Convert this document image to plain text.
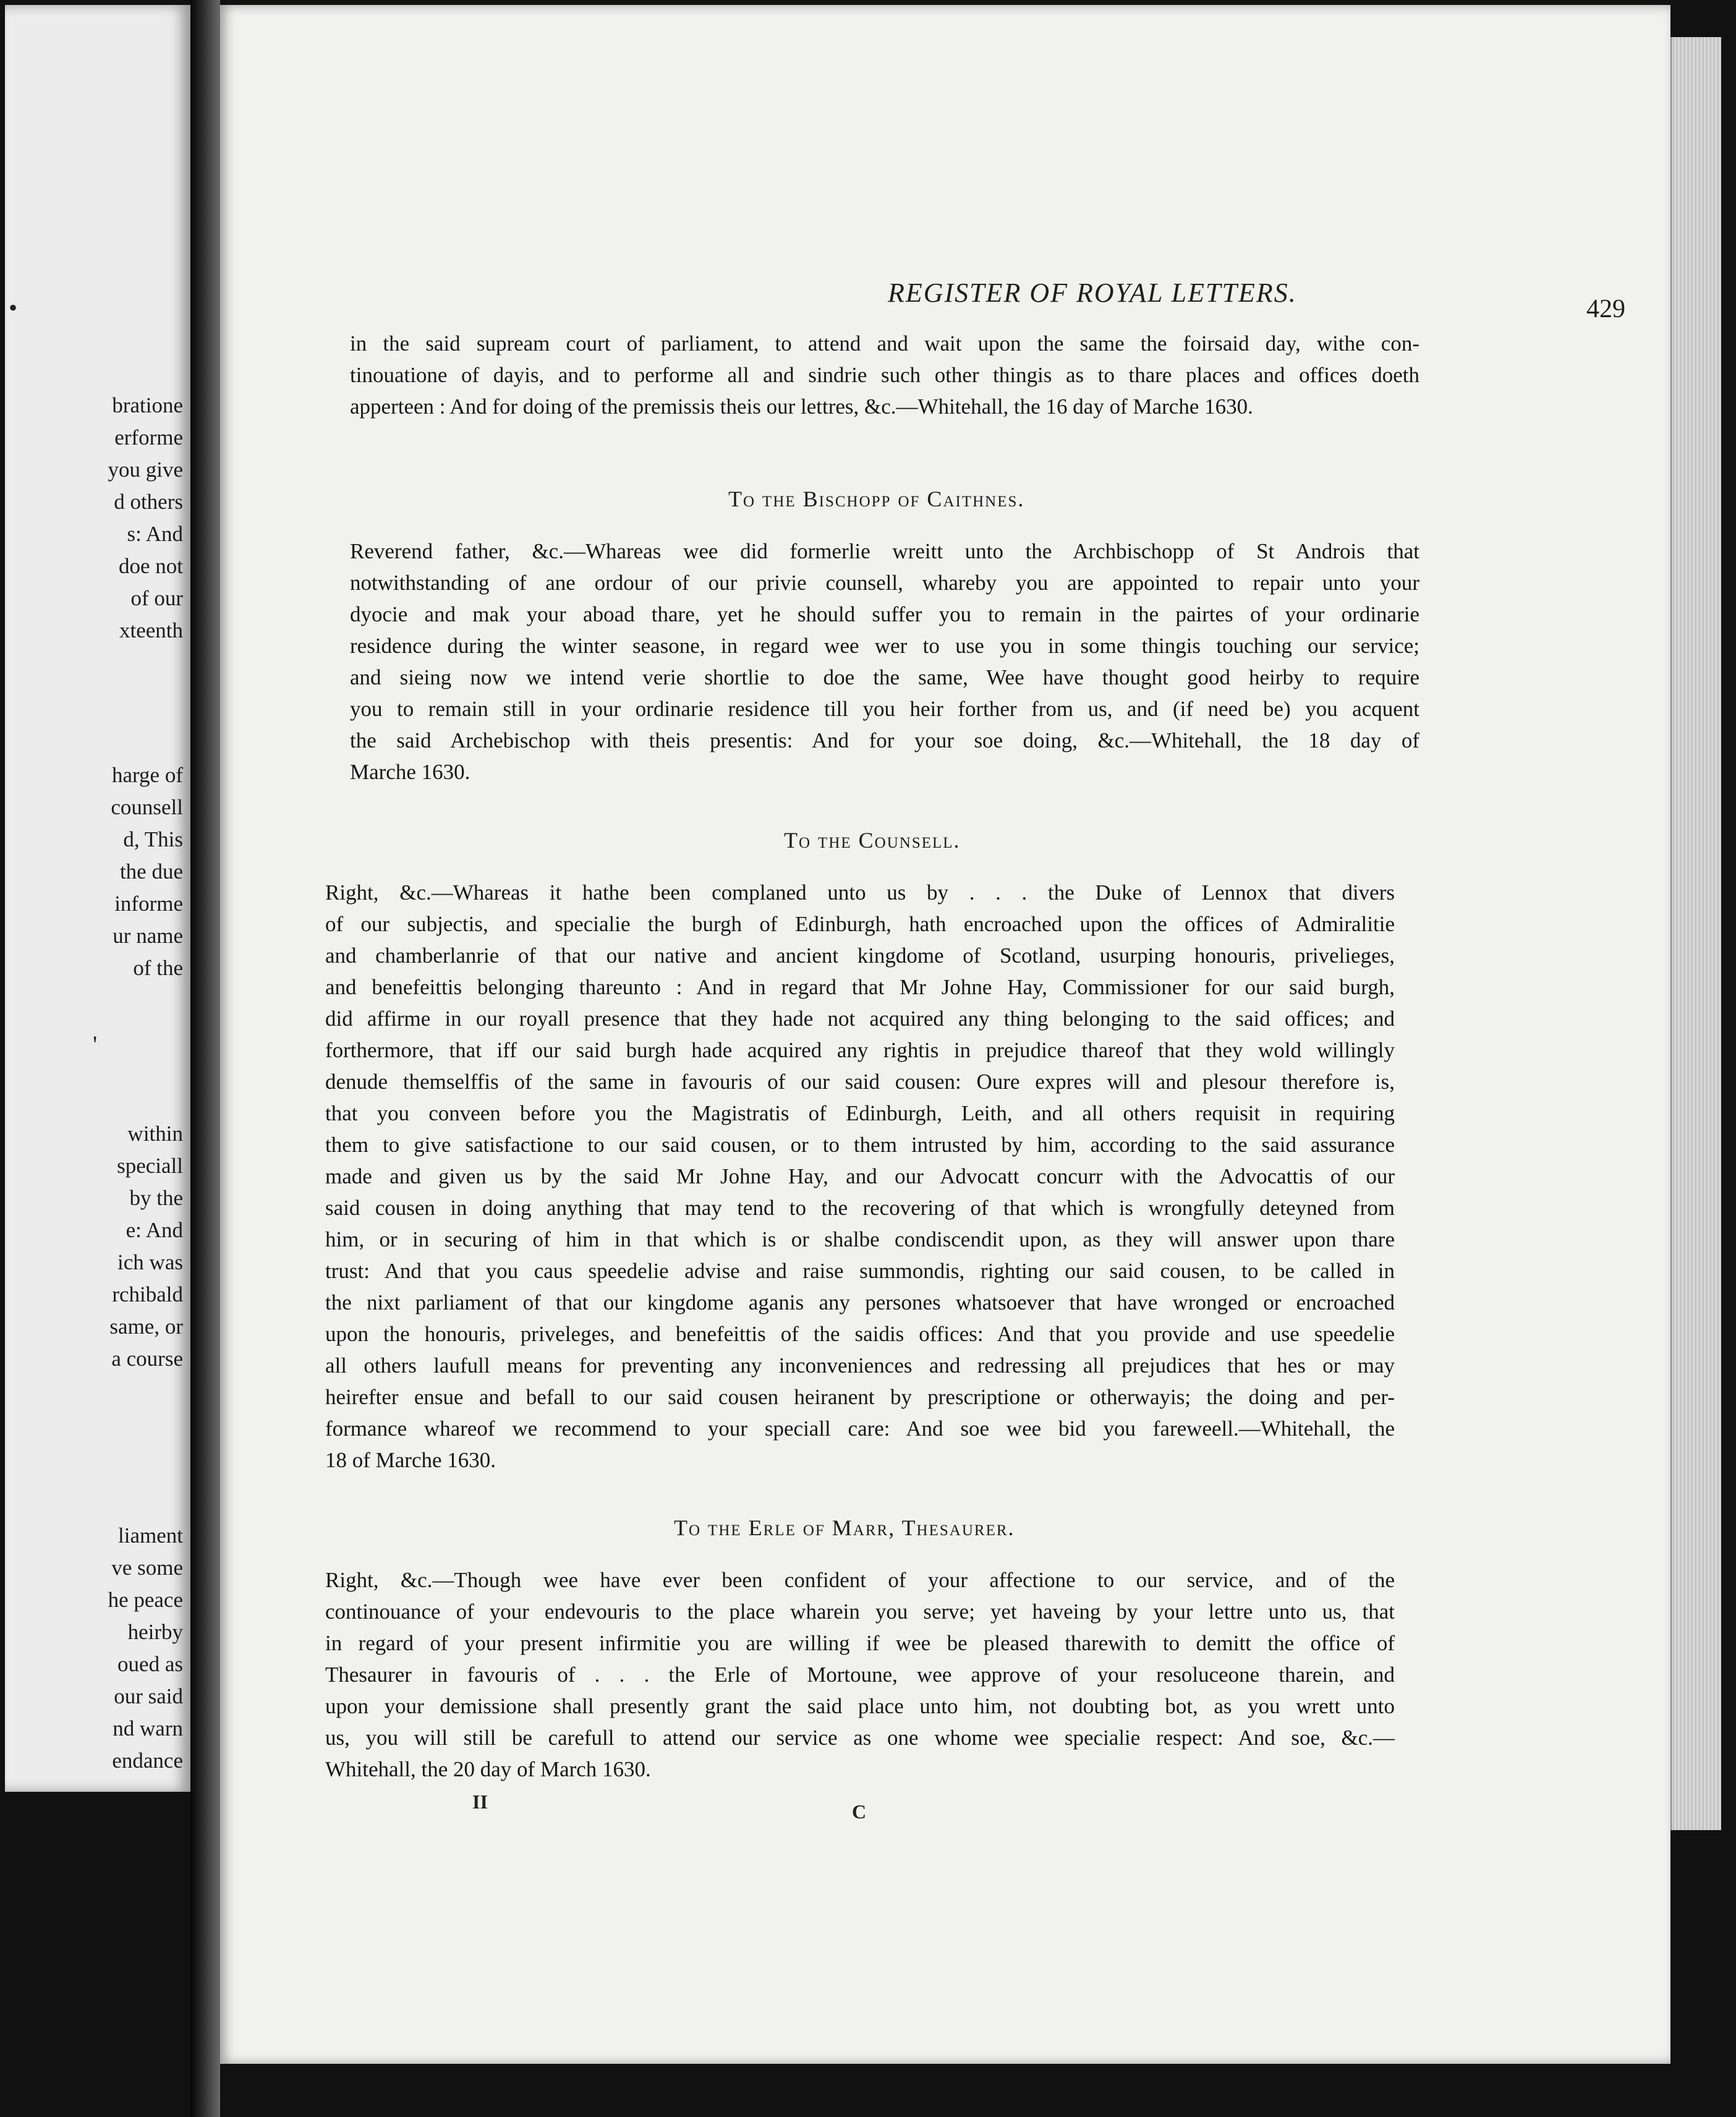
•
brationе
erforme
you give
d others
s: And
doe not
of our
xteenth
harge of
counsell
d, This
the due
informe
ur name
of the
'
within
speciall
by the
e: And
ich was
rchibald
same, or
a course
liament
ve some
he peace
heirby
oued as
our said
nd warn
endance
REGISTER OF ROYAL LETTERS.
429
in the said supream court of parliament, to attend and wait upon the same the foirsaid day, withe con-
tinouatione of dayis, and to performe all and sindrie such other thingis as to thare places and offices doeth
apperteen : And for doing of the premissis theis our lettres, &c.—Whitehall, the 16 day of Marche 1630.
To the Bischopp of Caithnes.
Reverend father, &c.—Whareas wee did formerlie wreitt unto the Archbischopp of St Androis that
notwithstanding of ane ordour of our privie counsell, whareby you are appointed to repair unto your
dyocie and mak your aboad thare, yet he should suffer you to remain in the pairtes of your ordinarie
residence during the winter seasone, in regard wee wer to use you in some thingis touching our service;
and sieing now we intend verie shortlie to doe the same, Wee have thought good heirby to require
you to remain still in your ordinarie residence till you heir forther from us, and (if need be) you acquent
the said Archebischop with theis presentis: And for your soe doing, &c.—Whitehall, the 18 day of
Marche 1630.
To the Counsell.
Right, &c.—Whareas it hathe been complaned unto us by . . . the Duke of Lennox that divers
of our subjectis, and specialie the burgh of Edinburgh, hath encroached upon the offices of Admiralitie
and chamberlanrie of that our native and ancient kingdome of Scotland, usurping honouris, privelieges,
and benefeittis belonging thareunto : And in regard that Mr Johne Hay, Commissioner for our said burgh,
did affirme in our royall presence that they hade not acquired any thing belonging to the said offices; and
forthermore, that iff our said burgh hade acquired any rightis in prejudice thareof that they wold willingly
denude themselffis of the same in favouris of our said cousen: Oure expres will and plesour therefore is,
that you conveen before you the Magistratis of Edinburgh, Leith, and all others requisit in requiring
them to give satisfactione to our said cousen, or to them intrusted by him, according to the said assurance
made and given us by the said Mr Johne Hay, and our Advocatt concurr with the Advocattis of our
said cousen in doing anything that may tend to the recovering of that which is wrongfully deteyned from
him, or in securing of him in that which is or shalbe condiscendit upon, as they will answer upon thare
trust: And that you caus speedelie advise and raise summondis, righting our said cousen, to be called in
the nixt parliament of that our kingdome aganis any persones whatsoever that have wronged or encroached
upon the honouris, priveleges, and benefeittis of the saidis offices: And that you provide and use speedelie
all others laufull means for preventing any inconveniences and redressing all prejudices that hes or may
heirefter ensue and befall to our said cousen heiranent by prescriptione or otherwayis; the doing and per-
formance whareof we recommend to your speciall care: And soe wee bid you fareweell.—Whitehall, the
18 of Marche 1630.
To the Erle of Marr, Thesaurer.
Right, &c.—Though wee have ever been confident of your affectione to our service, and of the
continouance of your endevouris to the place wharein you serve; yet haveing by your lettre unto us, that
in regard of your present infirmitie you are willing if wee be pleased tharewith to demitt the office of
Thesaurer in favouris of . . . the Erle of Mortoune, wee approve of your resoluceone tharein, and
upon your demissione shall presently grant the said place unto him, not doubting bot, as you wrett unto
us, you will still be carefull to attend our service as one whome wee specialie respect: And soe, &c.—
Whitehall, the 20 day of March 1630.
II	C
